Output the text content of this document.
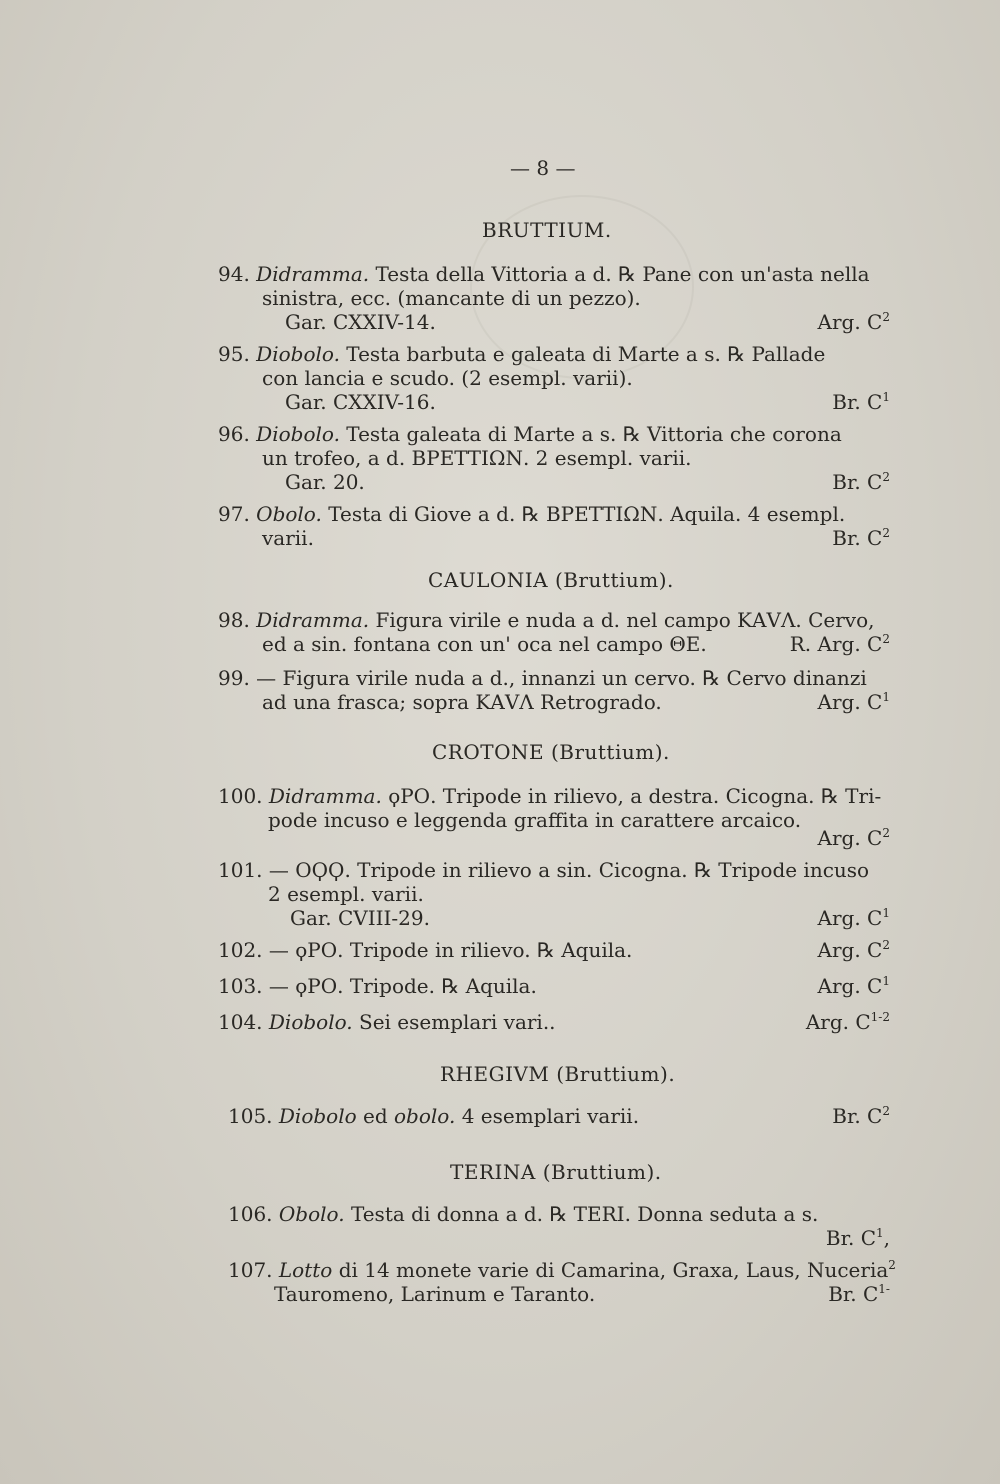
— 8 —
BRUTTIUM.
94. Didramma. Testa della Vittoria a d. ℞ Pane con un'asta nella
sinistra, ecc. (mancante di un pezzo).
Gar. CXXIV-14.	Arg. $C^2$
95. Diobolo. Testa barbuta e galeata di Marte a s. ℞ Pallade
con lancia e scudo. (2 esempl. varii).
Gar. CXXIV-16.	Br. $C^1$
96. Diobolo. Testa galeata di Marte a s. ℞ Vittoria che corona
un trofeo, a d. ΒΡΕΤΤΙΩΝ. 2 esempl. varii.
Gar. 20.	Br. $C^2$
97. Obolo. Testa di Giove a d. ℞ ΒΡΕΤΤΙΩΝ. Aquila. 4 esempl.
varii.	Br. $C^2$
CAULONIA (Bruttium).
98. Didramma. Figura virile e nuda a d. nel campo ΚΑVΛ. Cervo,
ed a sin. fontana con un' oca nel campo ΘΕ.	R. Arg. $C^2$
99. — Figura virile nuda a d., innanzi un cervo. ℞ Cervo dinanzi
ad una frasca; sopra ΚΑVΛ Retrogrado.	Arg. $C^1$
CROTONE (Bruttium).
100. Didramma. ϙΡΟ. Tripode in rilievo, a destra. Cicogna. ℞ Tri-
pode incuso e leggenda graffita in carattere arcaico.
Arg. $C^2$
101. — ΟϘϘ. Tripode in rilievo a sin. Cicogna. ℞ Tripode incuso
2 esempl. varii.
Gar. CVIII-29.	Arg. $C^1$
102. — ϙΡΟ. Tripode in rilievo. ℞ Aquila.	Arg. $C^2$
103. — ϙΡΟ. Tripode. ℞ Aquila.	Arg. $C^1$
104. Diobolo. Sei esemplari vari..	Arg. $C^{1-2}$
RHEGIVM (Bruttium).
105. Diobolo ed obolo. 4 esemplari varii.	Br. $C^2$
TERINA (Bruttium).
106. Obolo. Testa di donna a d. ℞ TERI. Donna seduta a s.
Br. $C^1$,
107. Lotto di 14 monete varie di Camarina, Graxa, Laus, Nuceria$^2$
Tauromeno, Larinum e Taranto.	Br. $C^{1-}$
